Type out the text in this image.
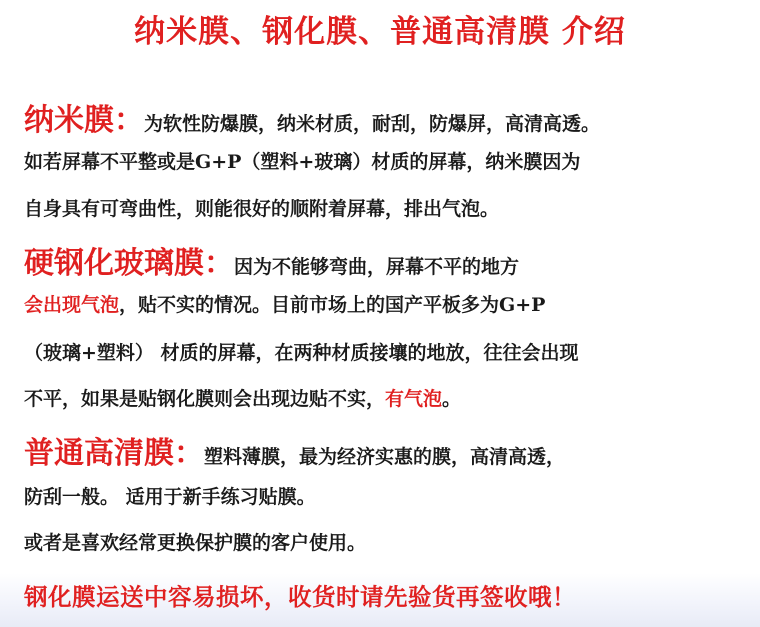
纳米膜、钢化膜、普通高清膜 介绍
纳米膜：为软性防爆膜，纳米材质，耐刮，防爆屏，高清高透。
如若屏幕不平整或是G+P（塑料+玻璃）材质的屏幕，纳米膜因为
自身具有可弯曲性，则能很好的顺附着屏幕，排出气泡。
硬钢化玻璃膜：因为不能够弯曲，屏幕不平的地方
会出现气泡，贴不实的情况。目前市场上的国产平板多为G+P
（玻璃+塑料） 材质的屏幕，在两种材质接壤的地放，往往会出现
不平，如果是贴钢化膜则会出现边贴不实，有气泡。
普通高清膜：塑料薄膜，最为经济实惠的膜，高清高透，
防刮一般。 适用于新手练习贴膜。
或者是喜欢经常更换保护膜的客户使用。
钢化膜运送中容易损坏，收货时请先验货再签收哦！
